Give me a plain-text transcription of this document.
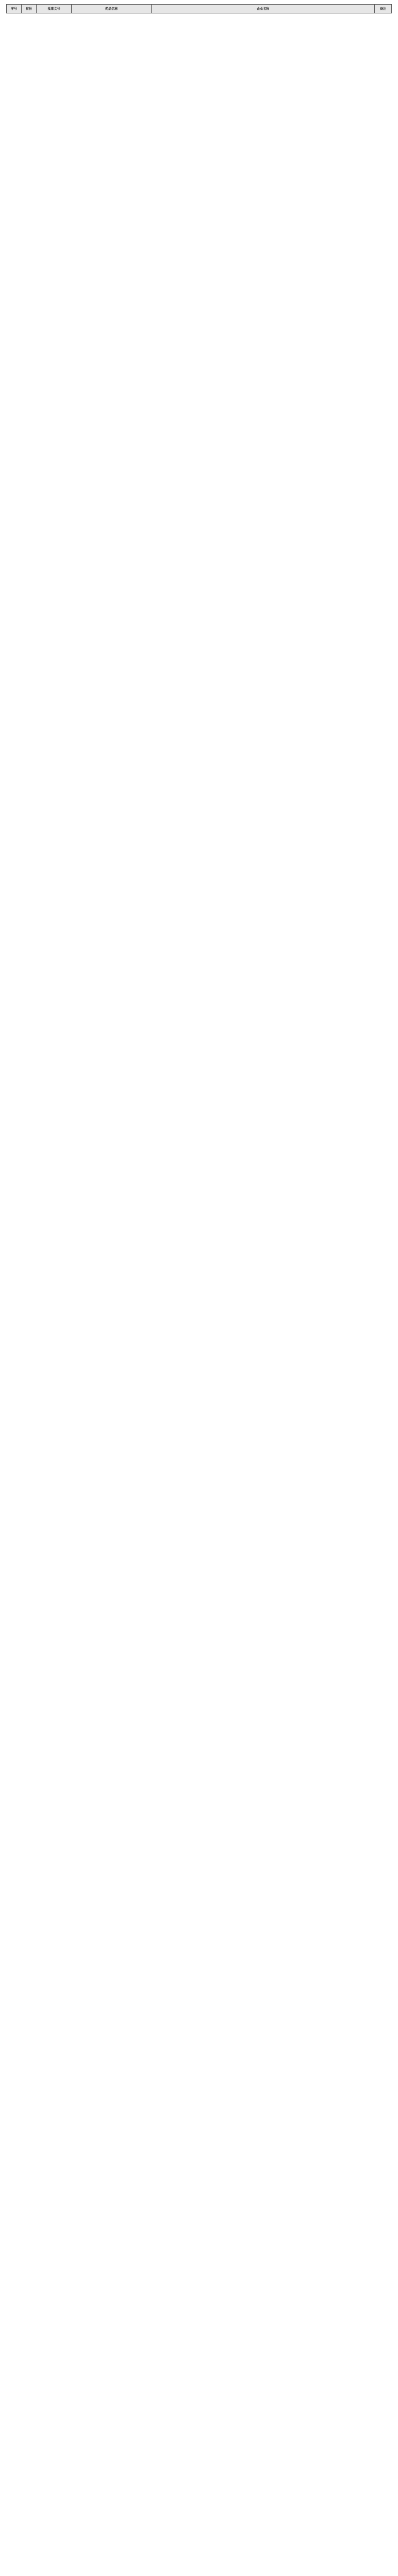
序号	省份	批准文号	药品名称	企业名称	备注
